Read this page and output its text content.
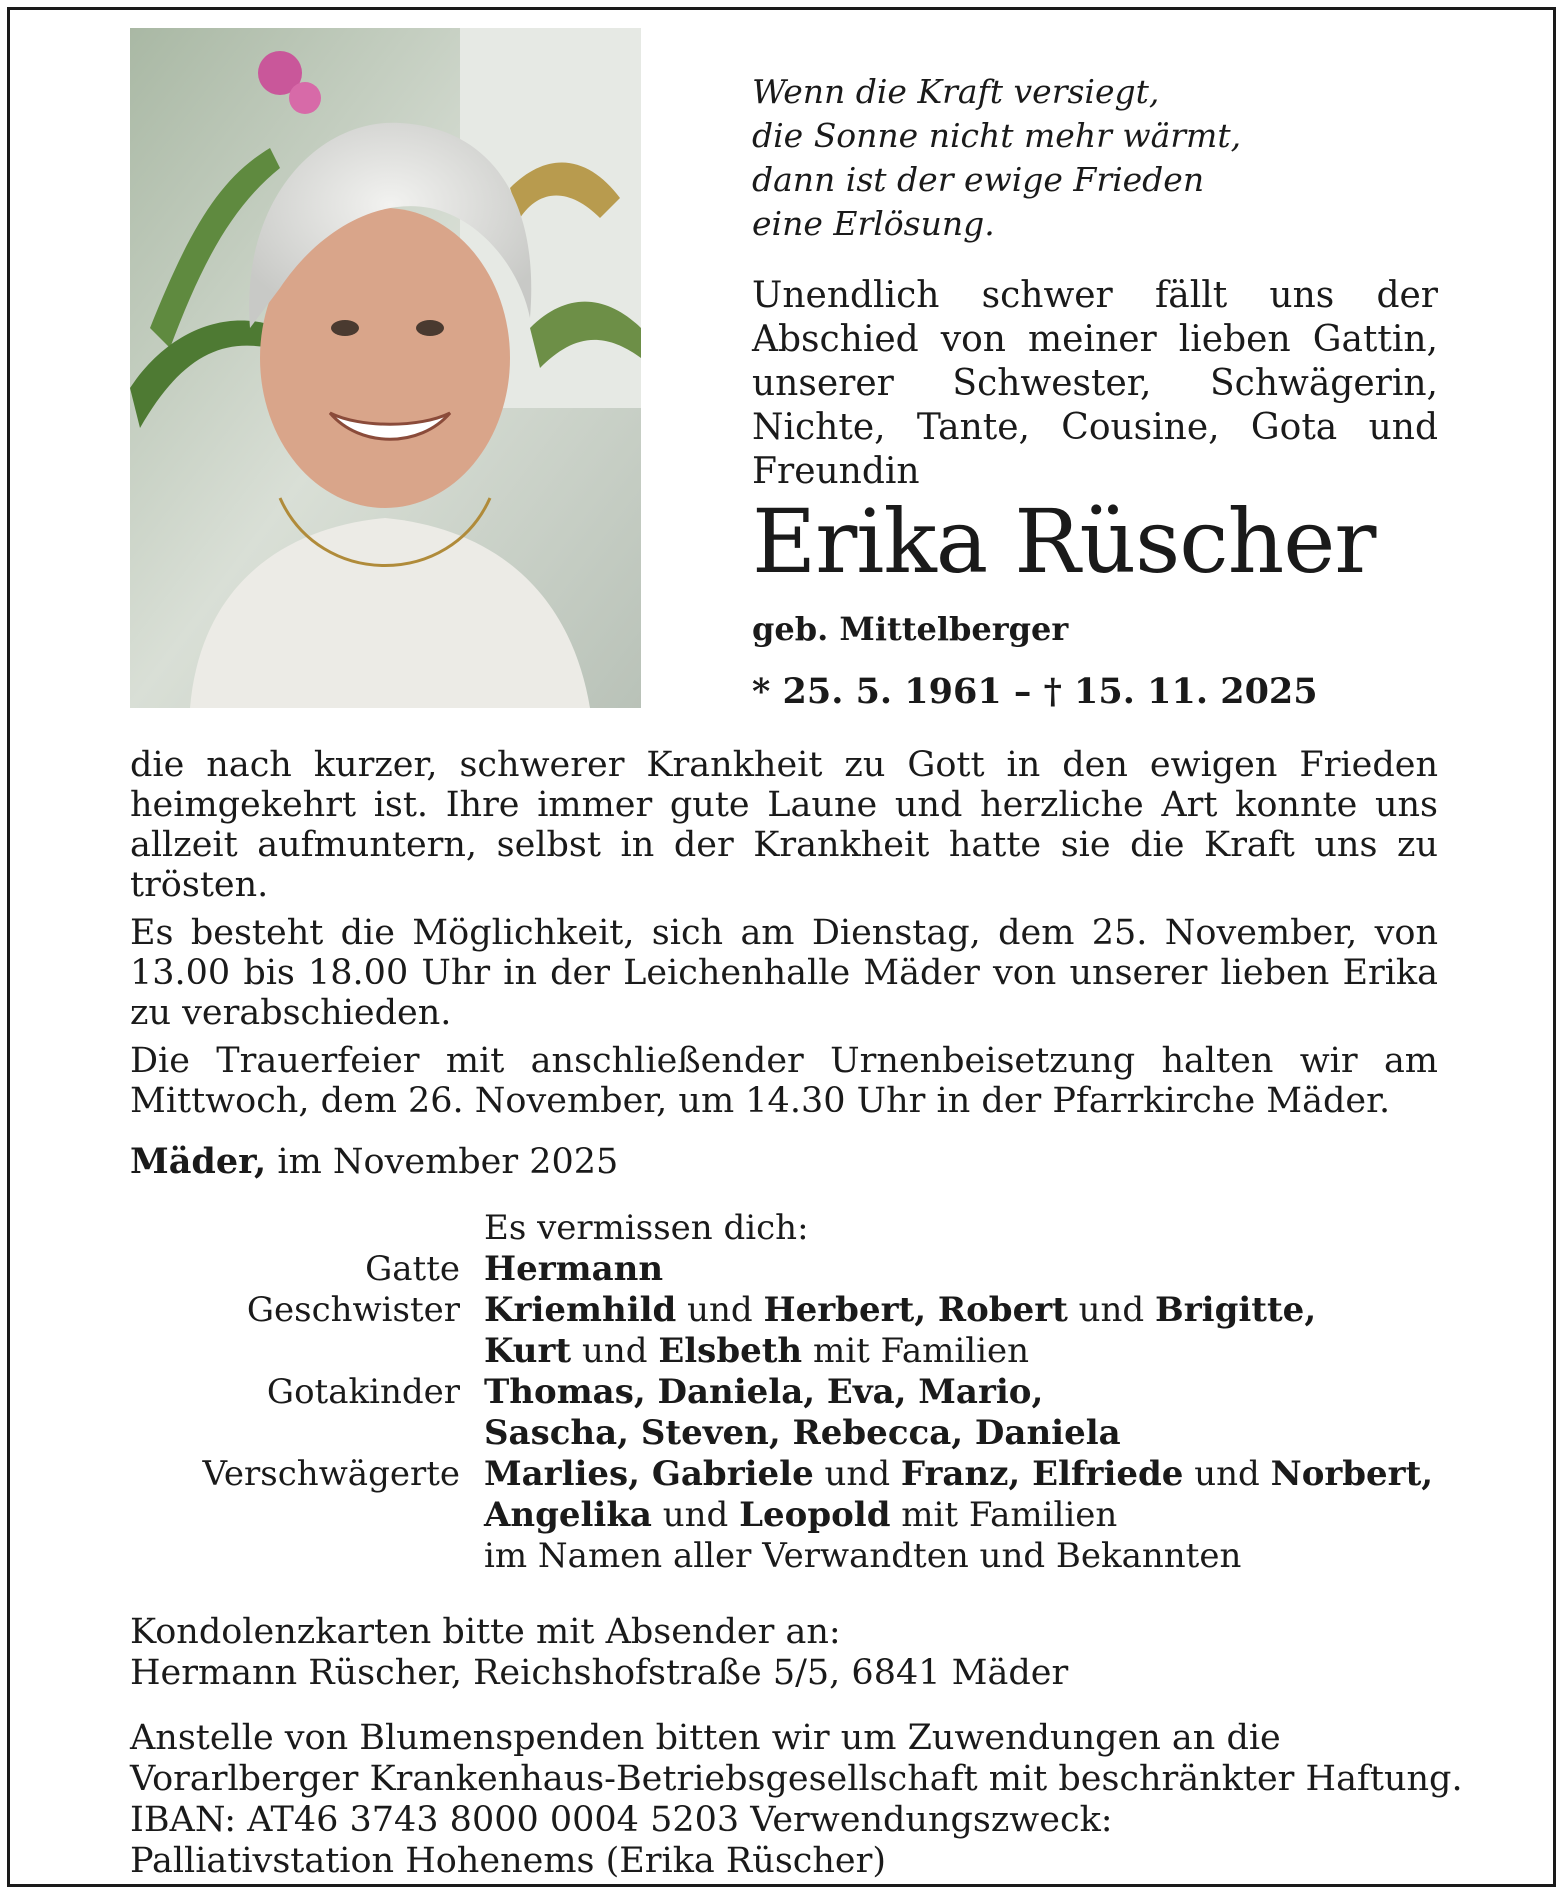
Wenn die Kraft versiegt,
die Sonne nicht mehr wärmt,
dann ist der ewige Frieden
eine Erlösung.
Unendlich schwer fällt uns der Abschied von meiner lieben Gattin, unserer Schwester, Schwägerin, Nichte, Tante, Cousine, Gota und Freundin
Erika Rüscher
geb. Mittelberger
* 25. 5. 1961 – † 15. 11. 2025

die nach kurzer, schwerer Krankheit zu Gott in den ewigen Frieden heimgekehrt ist. Ihre immer gute Laune und herzliche Art konnte uns allzeit aufmuntern, selbst in der Krankheit hatte sie die Kraft uns zu trösten.

Es besteht die Möglichkeit, sich am Dienstag, dem 25. November, von 13.00 bis 18.00 Uhr in der Leichenhalle Mäder von unserer lieben Erika zu verabschieden.

Die Trauerfeier mit anschließender Urnenbeisetzung halten wir am Mittwoch, dem 26. November, um 14.30 Uhr in der Pfarrkirche Mäder.

Mäder, im November 2025
Es vermissen dich:
Gatte Hermann
Geschwister Kriemhild und Herbert, Robert und Brigitte,
Kurt und Elsbeth mit Familien
Gotakinder Thomas, Daniela, Eva, Mario,
Sascha, Steven, Rebecca, Daniela
Verschwägerte Marlies, Gabriele und Franz, Elfriede und Norbert,
Angelika und Leopold mit Familien
im Namen aller Verwandten und Bekannten

Kondolenzkarten bitte mit Absender an:
Hermann Rüscher, Reichshofstraße 5/5, 6841 Mäder

Anstelle von Blumenspenden bitten wir um Zuwendungen an die
Vorarlberger Krankenhaus-Betriebsgesellschaft mit beschränkter Haftung.
IBAN: AT46 3743 8000 0004 5203 Verwendungszweck:
Palliativstation Hohenems (Erika Rüscher)
